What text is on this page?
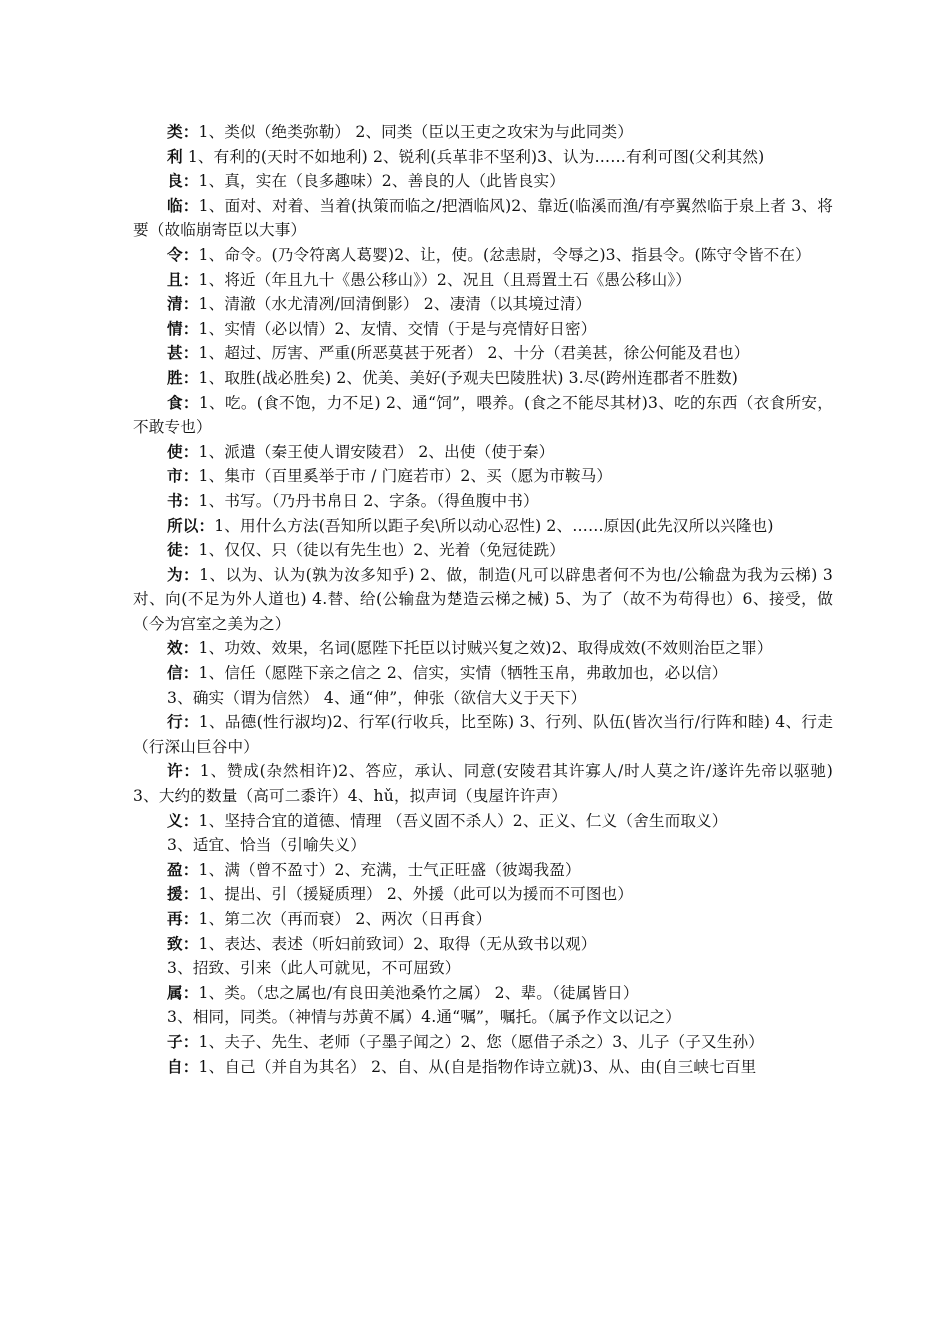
类：1、类似（绝类弥勒） 2、同类（臣以王吏之攻宋为与此同类）

利 1、有利的(天时不如地利) 2、锐利(兵革非不坚利)3、认为……有利可图(父利其然)

良：1、真，实在（良多趣味）2、善良的人（此皆良实）

临：1、面对、对着、当着(执策而临之/把酒临风)2、靠近(临溪而渔/有亭翼然临于泉上者 3、将要（故临崩寄臣以大事）

令：1、命令。(乃令符离人葛婴)2、让，使。(忿恚尉，令辱之)3、指县令。(陈守令皆不在）

且：1、将近（年且九十《愚公移山》）2、况且（且焉置土石《愚公移山》）

清：1、清澈（水尤清冽/回清倒影） 2、凄清（以其境过清）

情：1、实情（必以情）2、友情、交情（于是与亮情好日密）

甚：1、超过、厉害、严重(所恶莫甚于死者） 2、十分（君美甚，徐公何能及君也）

胜：1、取胜(战必胜矣) 2、优美、美好(予观夫巴陵胜状) 3.尽(跨州连郡者不胜数)

食：1、吃。(食不饱，力不足) 2、通“饲”，喂养。(食之不能尽其材)3、吃的东西（衣食所安，不敢专也）

使：1、派遣（秦王使人谓安陵君） 2、出使（使于秦）

市：1、集市（百里奚举于市 / 门庭若市）2、买（愿为市鞍马）

书：1、书写。（乃丹书帛日 2、字条。（得鱼腹中书）

所以：1、用什么方法(吾知所以距子矣\所以动心忍性) 2、……原因(此先汉所以兴隆也)

徒：1、仅仅、只（徒以有先生也）2、光着（免冠徒跣）

为：1、以为、认为(孰为汝多知乎) 2、做，制造(凡可以辟患者何不为也/公输盘为我为云梯) 3 对、向(不足为外人道也) 4.替、给(公输盘为楚造云梯之械) 5、为了（故不为苟得也）6、接受，做（今为宫室之美为之）

效：1、功效、效果，名词(愿陛下托臣以讨贼兴复之效)2、取得成效(不效则治臣之罪）

信：1、信任（愿陛下亲之信之 2、信实，实情（牺牲玉帛，弗敢加也，必以信）

3、确实（谓为信然） 4、通“伸”，伸张（欲信大义于天下）

行：1、品德(性行淑均)2、行军(行收兵，比至陈) 3、行列、队伍(皆次当行/行阵和睦) 4、行走（行深山巨谷中）

许：1、赞成(杂然相许)2、答应，承认、同意(安陵君其许寡人/时人莫之许/遂许先帝以驱驰) 3、大约的数量（高可二黍许）4、hǔ，拟声词（曳屋许许声）

义：1、坚持合宜的道德、情理 （吾义固不杀人）2、正义、仁义（舍生而取义）

3、适宜、恰当（引喻失义）

盈：1、满（曾不盈寸）2、充满，士气正旺盛（彼竭我盈）

援：1、提出、引（援疑质理） 2、外援（此可以为援而不可图也）

再：1、第二次（再而衰） 2、两次（日再食）

致：1、表达、表述（听妇前致词）2、取得（无从致书以观）

3、招致、引来（此人可就见，不可屈致）

属：1、类。（忠之属也/有良田美池桑竹之属） 2、辈。（徒属皆日）

3、相同，同类。（神情与苏黄不属）4.通“嘱”，嘱托。（属予作文以记之）

子：1、夫子、先生、老师（子墨子闻之）2、您（愿借子杀之）3、儿子（子又生孙）

自：1、自己（并自为其名） 2、自、从(自是指物作诗立就)3、从、由(自三峡七百里
